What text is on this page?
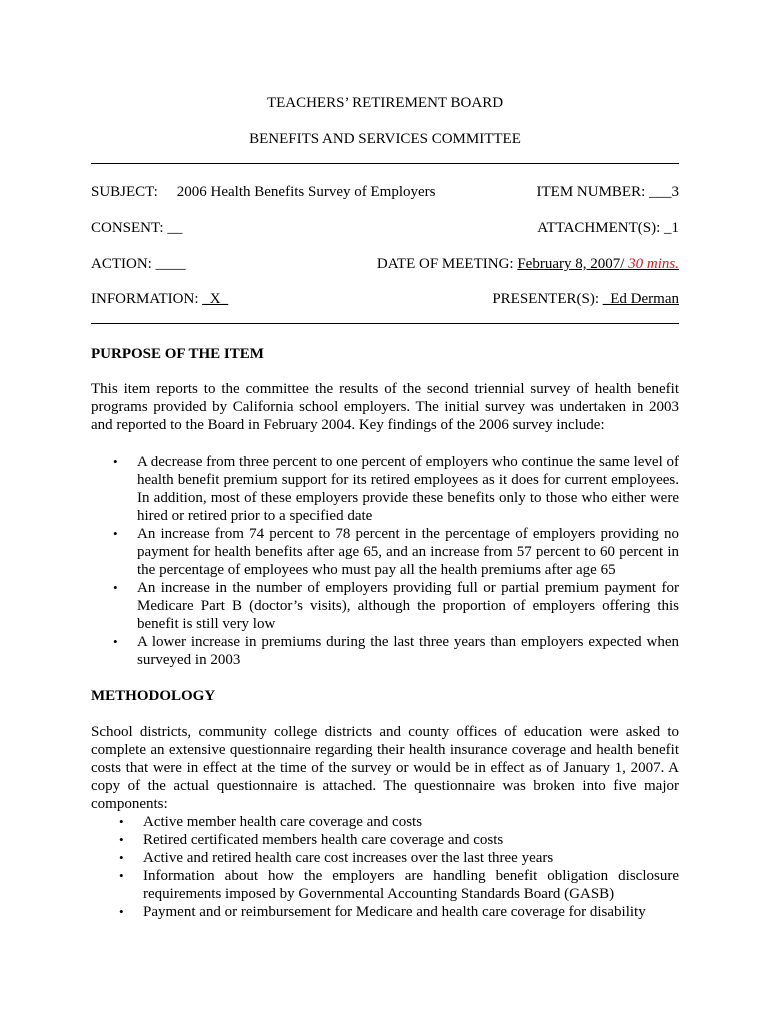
TEACHERS’ RETIREMENT BOARD
BENEFITS AND SERVICES COMMITTEE
SUBJECT: 2006 Health Benefits Survey of Employers	ITEM NUMBER: ___3
CONSENT: __	ATTACHMENT(S): _1
ACTION: ____	DATE OF MEETING: February 8, 2007/ 30 mins.
INFORMATION: _X_	PRESENTER(S): _Ed Derman
PURPOSE OF THE ITEM
This item reports to the committee the results of the second triennial survey of health benefit programs provided by California school employers. The initial survey was undertaken in 2003 and reported to the Board in February 2004. Key findings of the 2006 survey include:
• A decrease from three percent to one percent of employers who continue the same level of health benefit premium support for its retired employees as it does for current employees. In addition, most of these employers provide these benefits only to those who either were hired or retired prior to a specified date
• An increase from 74 percent to 78 percent in the percentage of employers providing no payment for health benefits after age 65, and an increase from 57 percent to 60 percent in the percentage of employees who must pay all the health premiums after age 65
• An increase in the number of employers providing full or partial premium payment for Medicare Part B (doctor’s visits), although the proportion of employers offering this benefit is still very low
• A lower increase in premiums during the last three years than employers expected when surveyed in 2003
METHODOLOGY
School districts, community college districts and county offices of education were asked to complete an extensive questionnaire regarding their health insurance coverage and health benefit costs that were in effect at the time of the survey or would be in effect as of January 1, 2007. A copy of the actual questionnaire is attached. The questionnaire was broken into five major components:
• Active member health care coverage and costs
• Retired certificated members health care coverage and costs
• Active and retired health care cost increases over the last three years
• Information about how the employers are handling benefit obligation disclosure requirements imposed by Governmental Accounting Standards Board (GASB)
• Payment and or reimbursement for Medicare and health care coverage for disability
